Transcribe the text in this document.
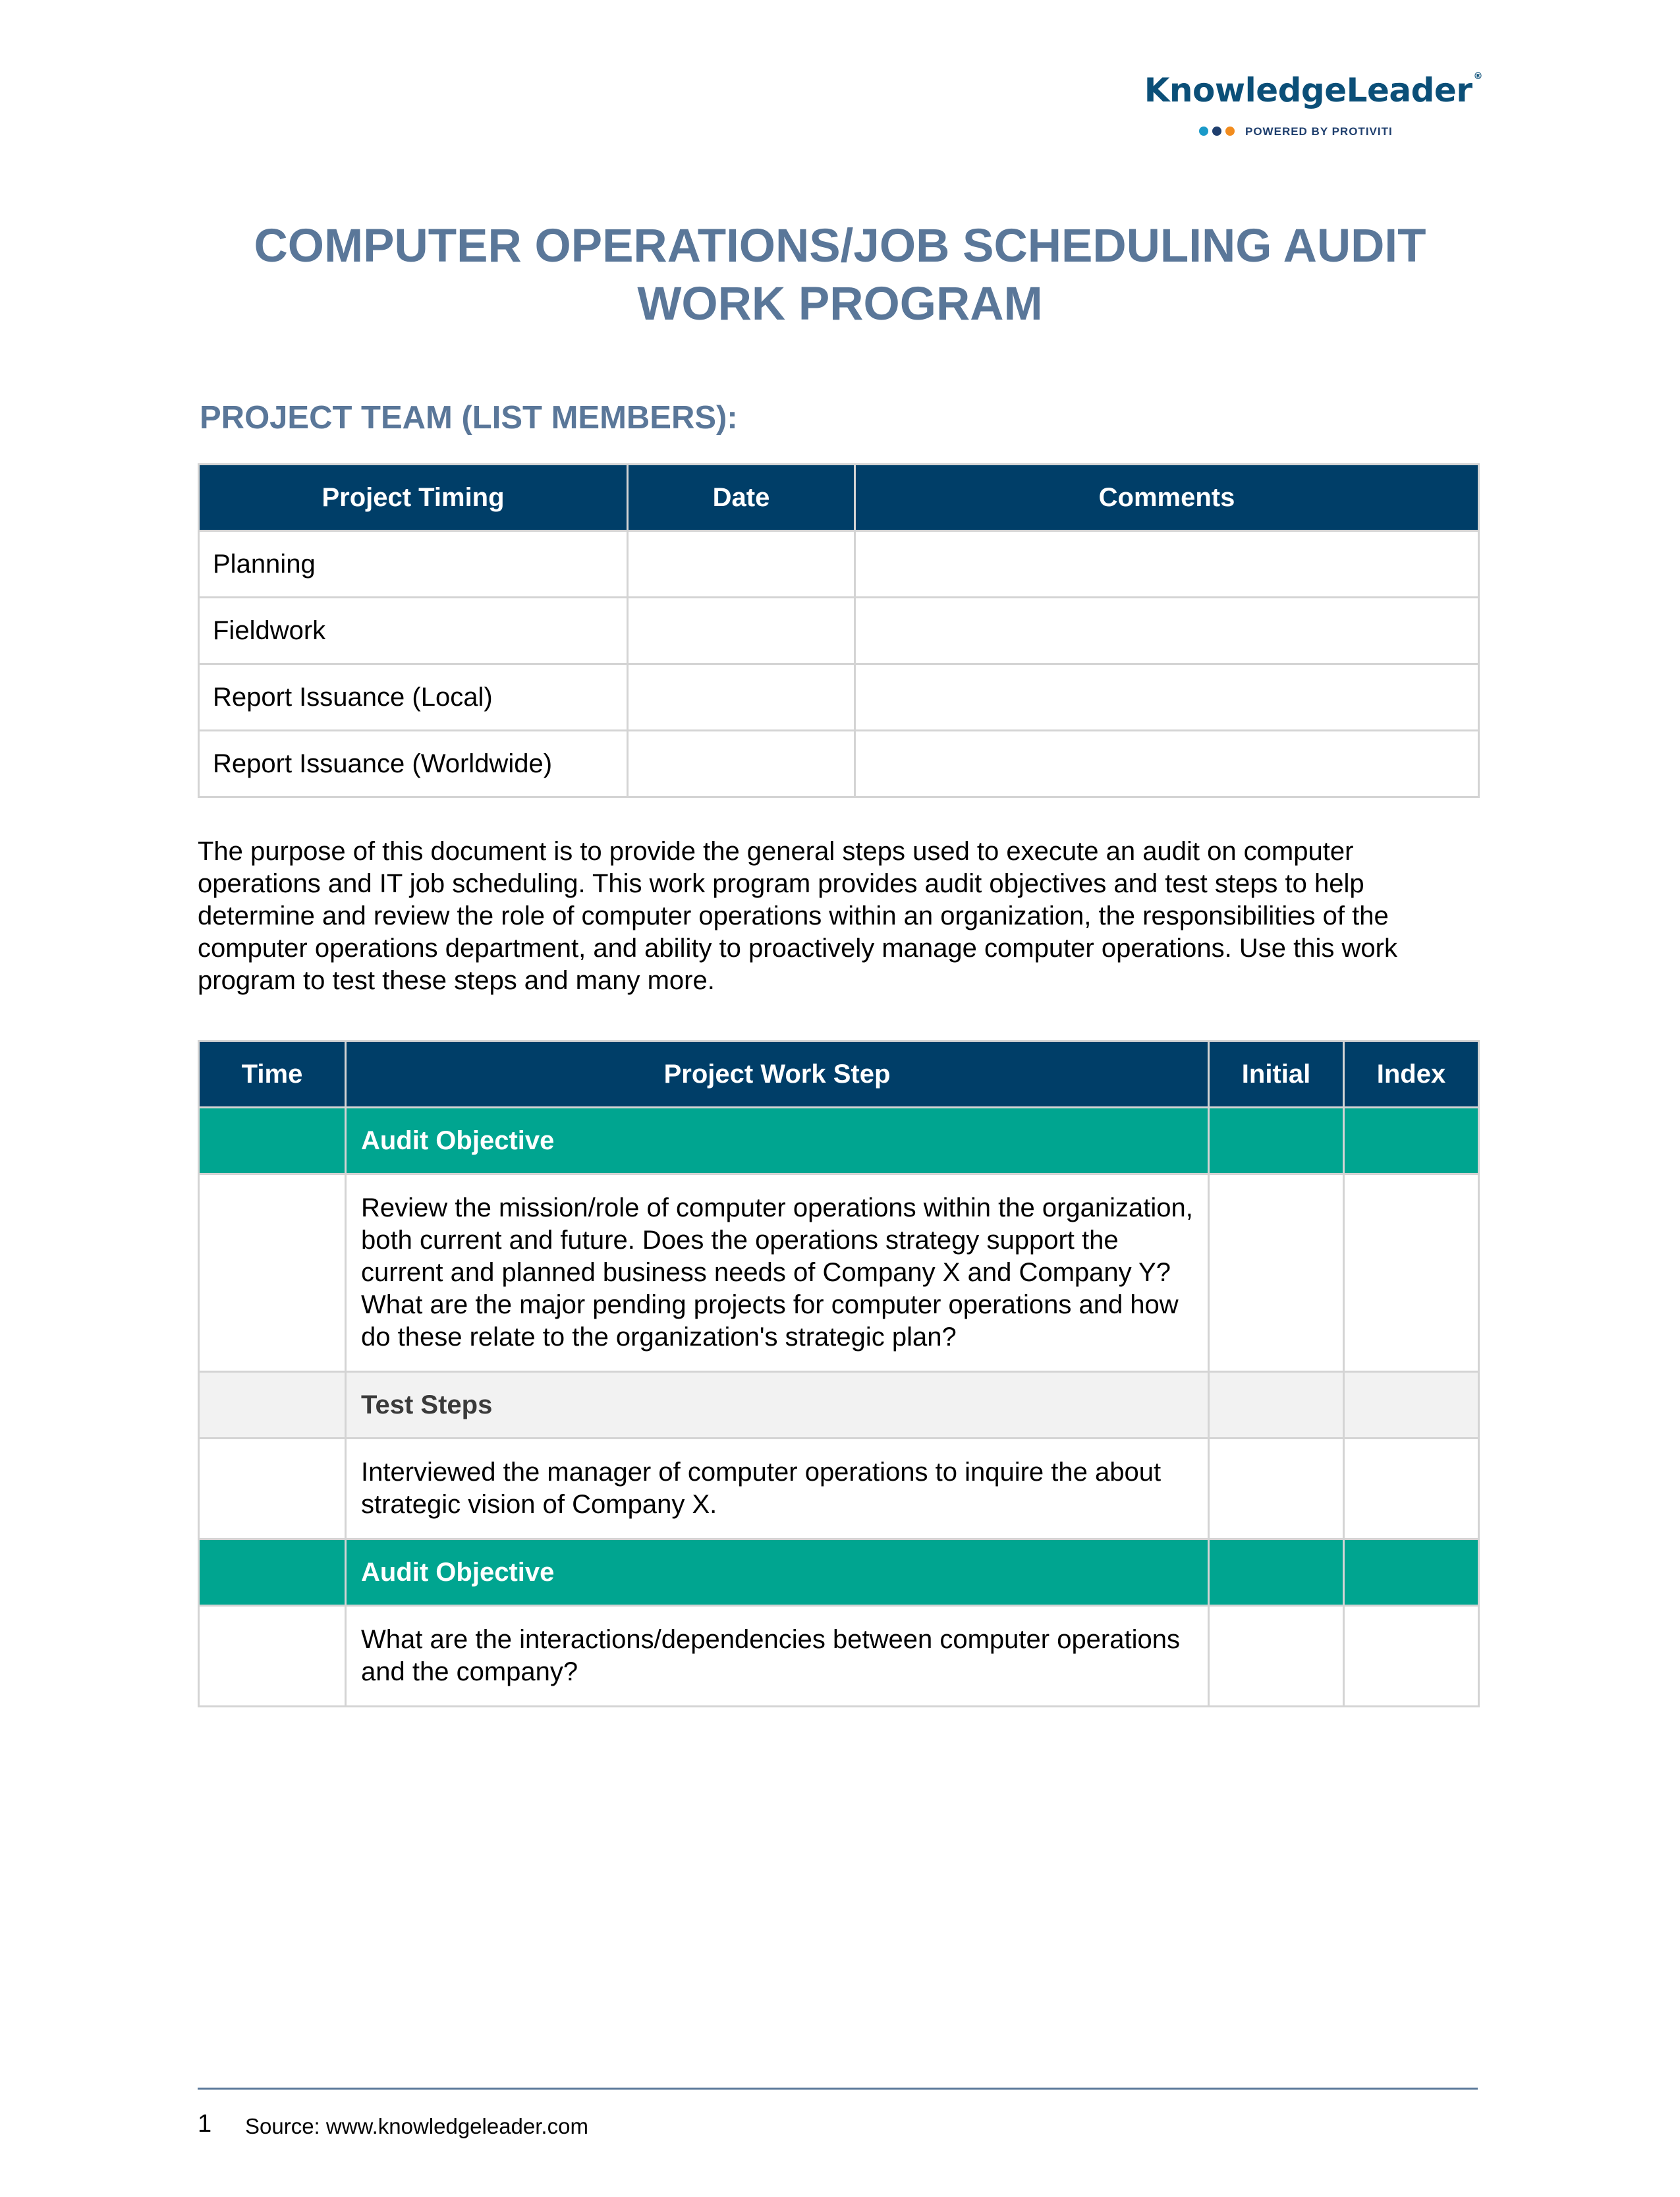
KnowledgeLeader ®
POWERED BY PROTIVITI
COMPUTER OPERATIONS/JOB SCHEDULING AUDIT WORK PROGRAM
PROJECT TEAM (LIST MEMBERS):
Project Timing	Date	Comments
Planning		
Fieldwork		
Report Issuance (Local)		
Report Issuance (Worldwide)		

The purpose of this document is to provide the general steps used to execute an audit on computer operations and IT job scheduling. This work program provides audit objectives and test steps to help determine and review the role of computer operations within an organization, the responsibilities of the computer operations department, and ability to proactively manage computer operations. Use this work program to test these steps and many more.

Time	Project Work Step	Initial	Index
	Audit Objective		
	Review the mission/role of computer operations within the organization, both current and future. Does the operations strategy support the current and planned business needs of Company X and Company Y? What are the major pending projects for computer operations and how do these relate to the organization's strategic plan?		
	Test Steps		
	Interviewed the manager of computer operations to inquire the about strategic vision of Company X.		
	Audit Objective		
	What are the interactions/dependencies between computer operations and the company?		
1 Source: www.knowledgeleader.com
